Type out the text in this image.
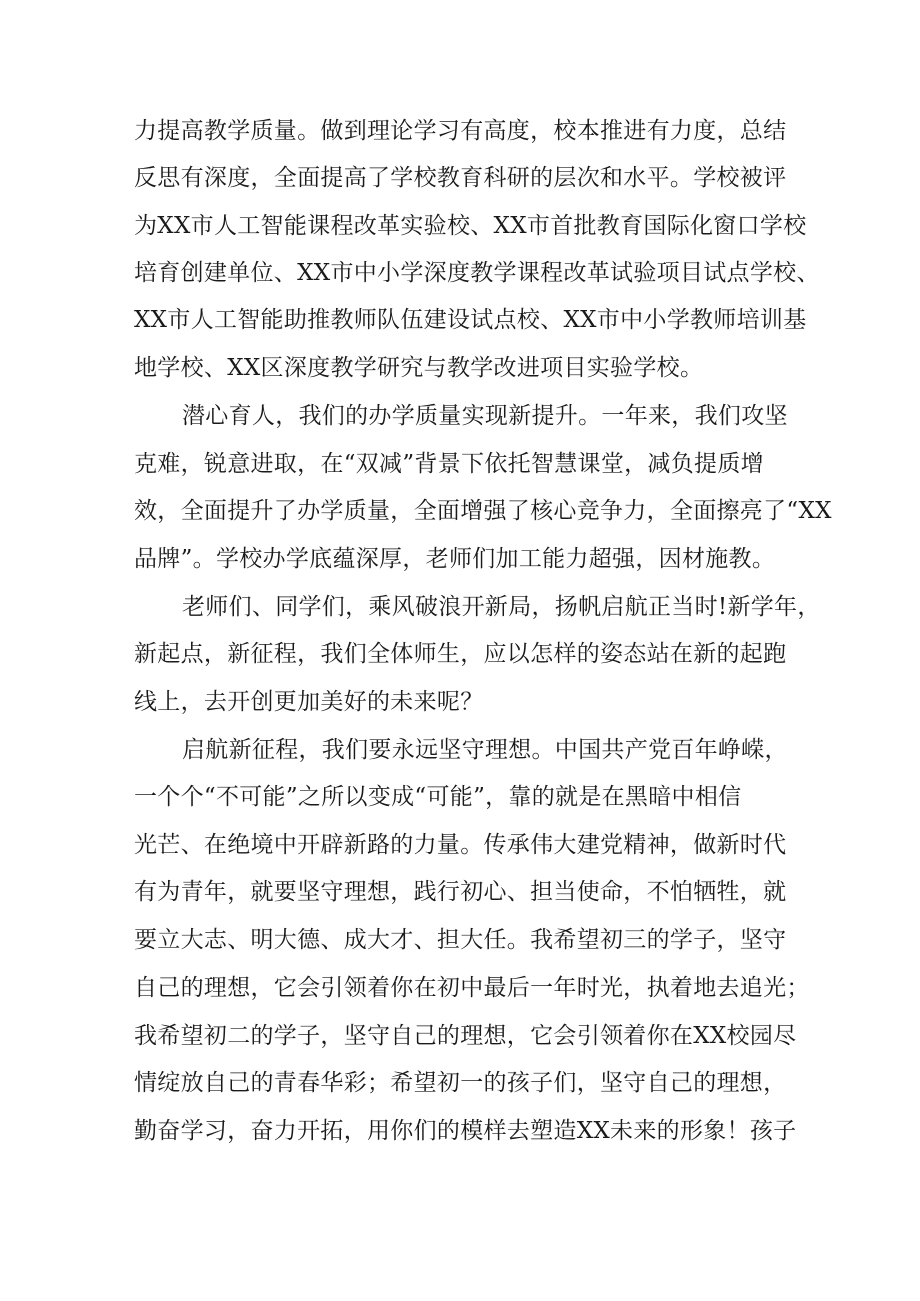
力提高教学质量。做到理论学习有高度，校本推进有力度，总结
反思有深度，全面提高了学校教育科研的层次和水平。学校被评
为XX市人工智能课程改革实验校、XX市首批教育国际化窗口学校
培育创建单位、XX市中小学深度教学课程改革试验项目试点学校、
XX市人工智能助推教师队伍建设试点校、XX市中小学教师培训基
地学校、XX区深度教学研究与教学改进项目实验学校。
潜心育人，我们的办学质量实现新提升。一年来，我们攻坚
克难，锐意进取，在“双减”背景下依托智慧课堂，减负提质增
效，全面提升了办学质量，全面增强了核心竞争力，全面擦亮了“XX
品牌”。学校办学底蕴深厚，老师们加工能力超强，因材施教。
老师们、同学们，乘风破浪开新局，扬帆启航正当时!新学年，
新起点，新征程，我们全体师生，应以怎样的姿态站在新的起跑
线上，去开创更加美好的未来呢？
启航新征程，我们要永远坚守理想。中国共产党百年峥嵘，
一个个“不可能”之所以变成“可能”，靠的就是在黑暗中相信
光芒、在绝境中开辟新路的力量。传承伟大建党精神，做新时代
有为青年，就要坚守理想，践行初心、担当使命，不怕牺牲，就
要立大志、明大德、成大才、担大任。我希望初三的学子，坚守
自己的理想，它会引领着你在初中最后一年时光，执着地去追光；
我希望初二的学子，坚守自己的理想，它会引领着你在XX校园尽
情绽放自己的青春华彩；希望初一的孩子们，坚守自己的理想，
勤奋学习，奋力开拓，用你们的模样去塑造XX未来的形象！孩子
